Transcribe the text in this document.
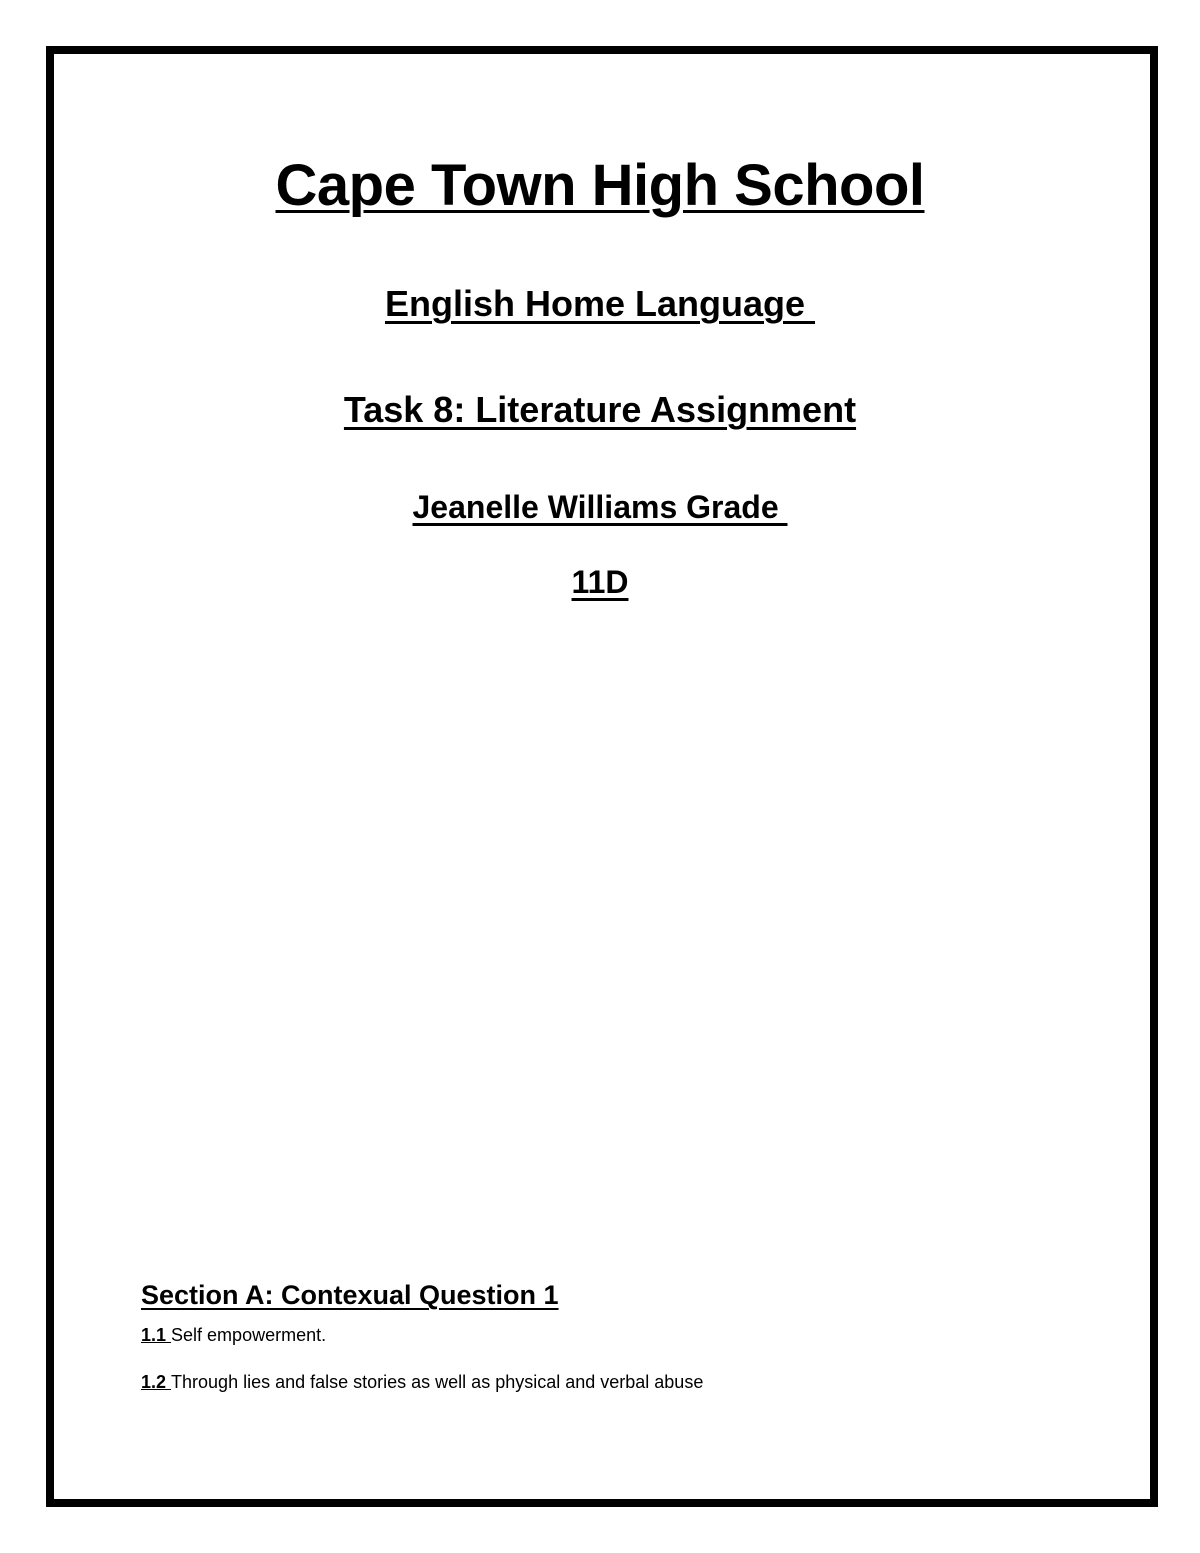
Cape Town High School
English Home Language
Task 8: Literature Assignment
Jeanelle Williams Grade
11D
Section A: Contexual Question 1
1.1 Self empowerment.
1.2 Through lies and false stories as well as physical and verbal abuse
